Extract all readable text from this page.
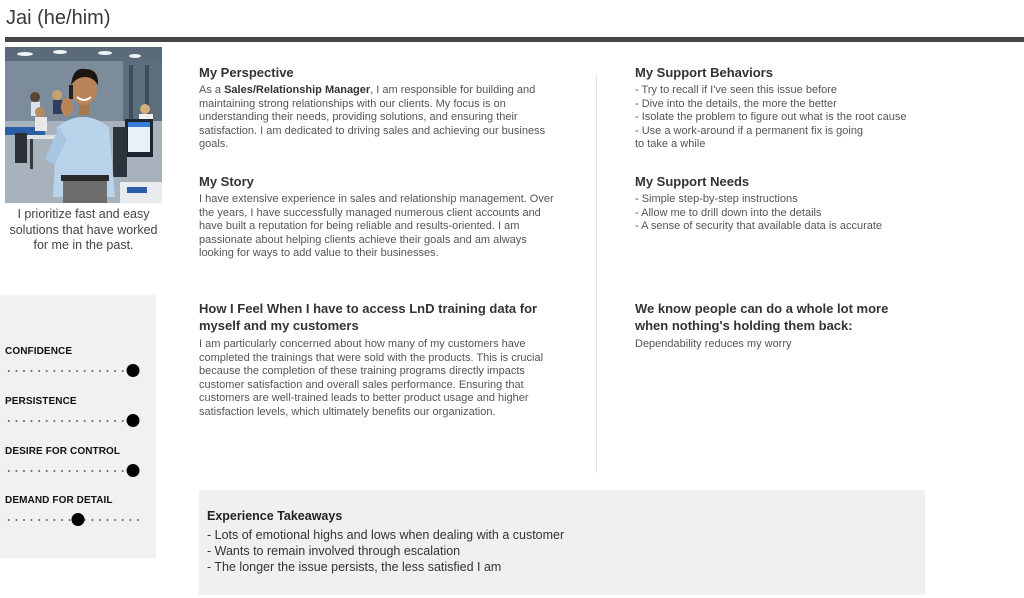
Jai (he/him)
I prioritize fast and easy solutions that have worked for me in the past.
CONFIDENCE
PERSISTENCE
DESIRE FOR CONTROL
DEMAND FOR DETAIL
My Perspective

As a Sales/Relationship Manager, I am responsible for building and maintaining strong relationships with our clients. My focus is on understanding their needs, providing solutions, and ensuring their satisfaction. I am dedicated to driving sales and achieving our business goals.

My Story

I have extensive experience in sales and relationship management. Over the years, I have successfully managed numerous client accounts and have built a reputation for being reliable and results-oriented. I am passionate about helping clients achieve their goals and am always looking for ways to add value to their businesses.

How I Feel When I have to access LnD training data for myself and my customers

I am particularly concerned about how many of my customers have completed the trainings that were sold with the products. This is crucial because the completion of these training programs directly impacts customer satisfaction and overall sales performance. Ensuring that customers are well-trained leads to better product usage and higher satisfaction levels, which ultimately benefits our organization.

My Support Behaviors
- Try to recall if I've seen this issue before
- Dive into the details, the more the better
- Isolate the problem to figure out what is the root cause
- Use a work-around if a permanent fix is going
to take a while
My Support Needs
- Simple step-by-step instructions
- Allow me to drill down into the details
- A sense of security that available data is accurate
We know people can do a whole lot more when nothing's holding them back:

Dependability reduces my worry

Experience Takeaways
- Lots of emotional highs and lows when dealing with a customer
- Wants to remain involved through escalation
- The longer the issue persists, the less satisfied I am
